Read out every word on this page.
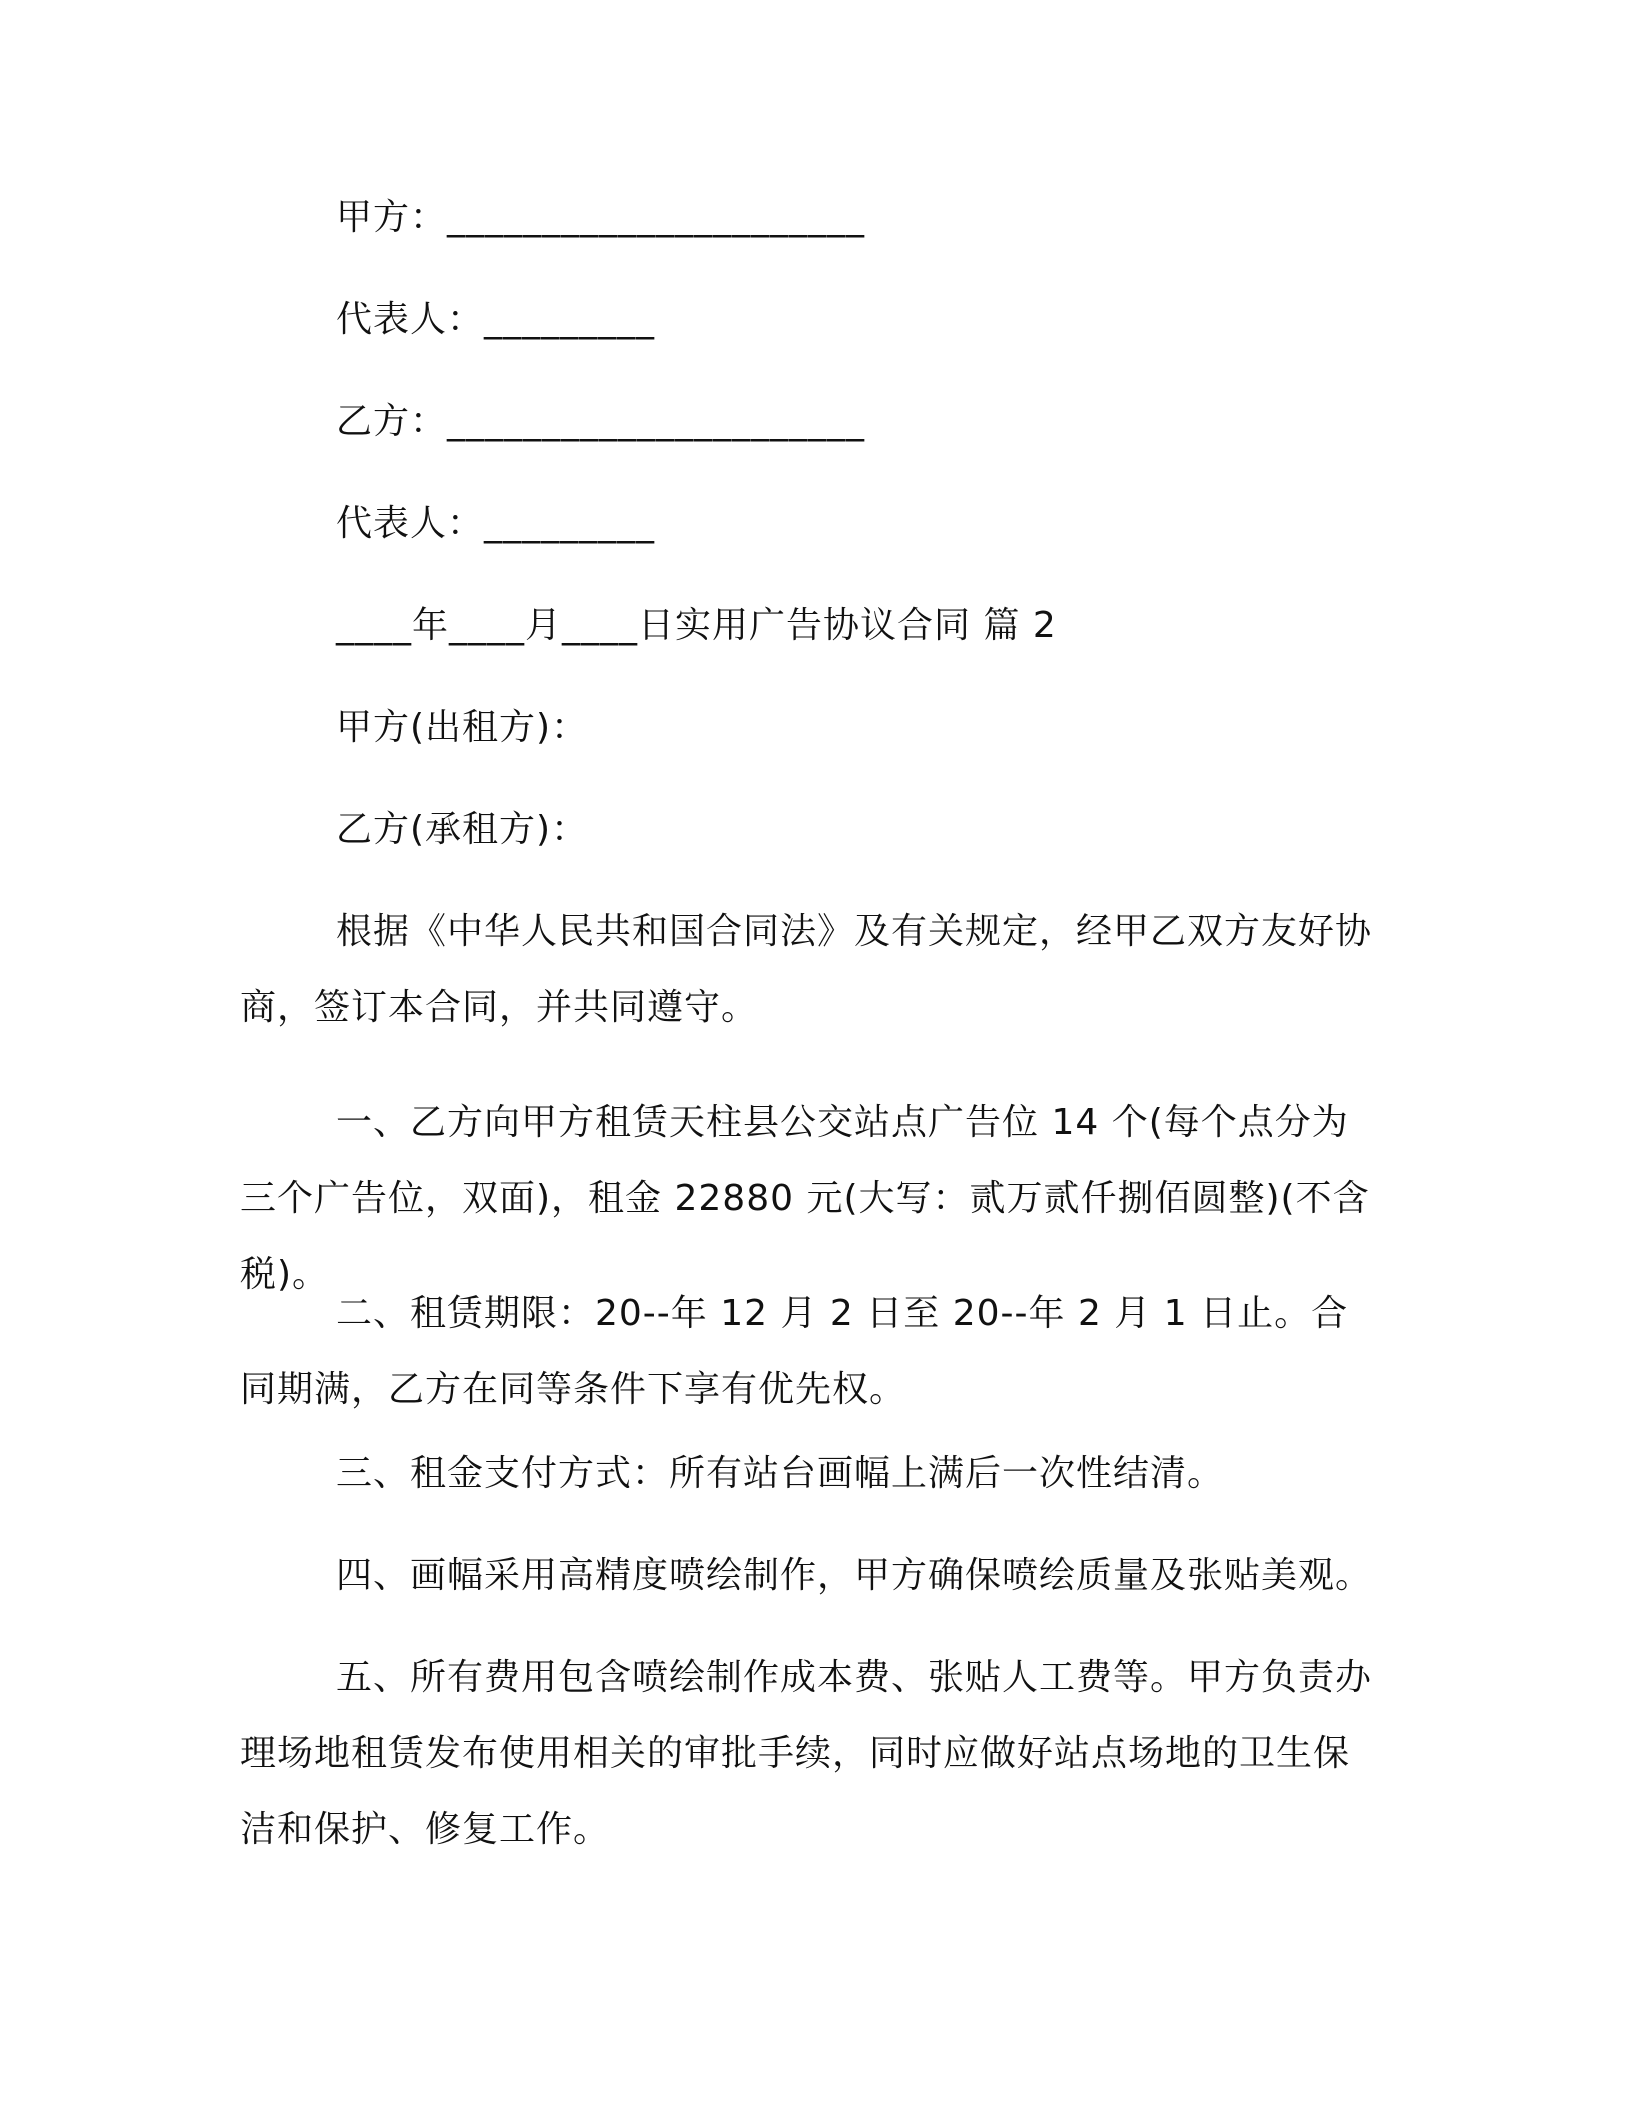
甲方：______________________
代表人：_________
乙方：______________________
代表人：_________
____年____月____日实用广告协议合同 篇 2
甲方(出租方)：
乙方(承租方)：
根据《中华人民共和国合同法》及有关规定，经甲乙双方友好协商，签订本合同，并共同遵守。
一、乙方向甲方租赁天柱县公交站点广告位 14 个(每个点分为三个广告位，双面)，租金 22880 元(大写：贰万贰仟捌佰圆整)(不含税)。
二、租赁期限：20--年 12 月 2 日至 20--年 2 月 1 日止。合同期满，乙方在同等条件下享有优先权。
三、租金支付方式：所有站台画幅上满后一次性结清。
四、画幅采用高精度喷绘制作，甲方确保喷绘质量及张贴美观。
五、所有费用包含喷绘制作成本费、张贴人工费等。甲方负责办理场地租赁发布使用相关的审批手续，同时应做好站点场地的卫生保洁和保护、修复工作。
